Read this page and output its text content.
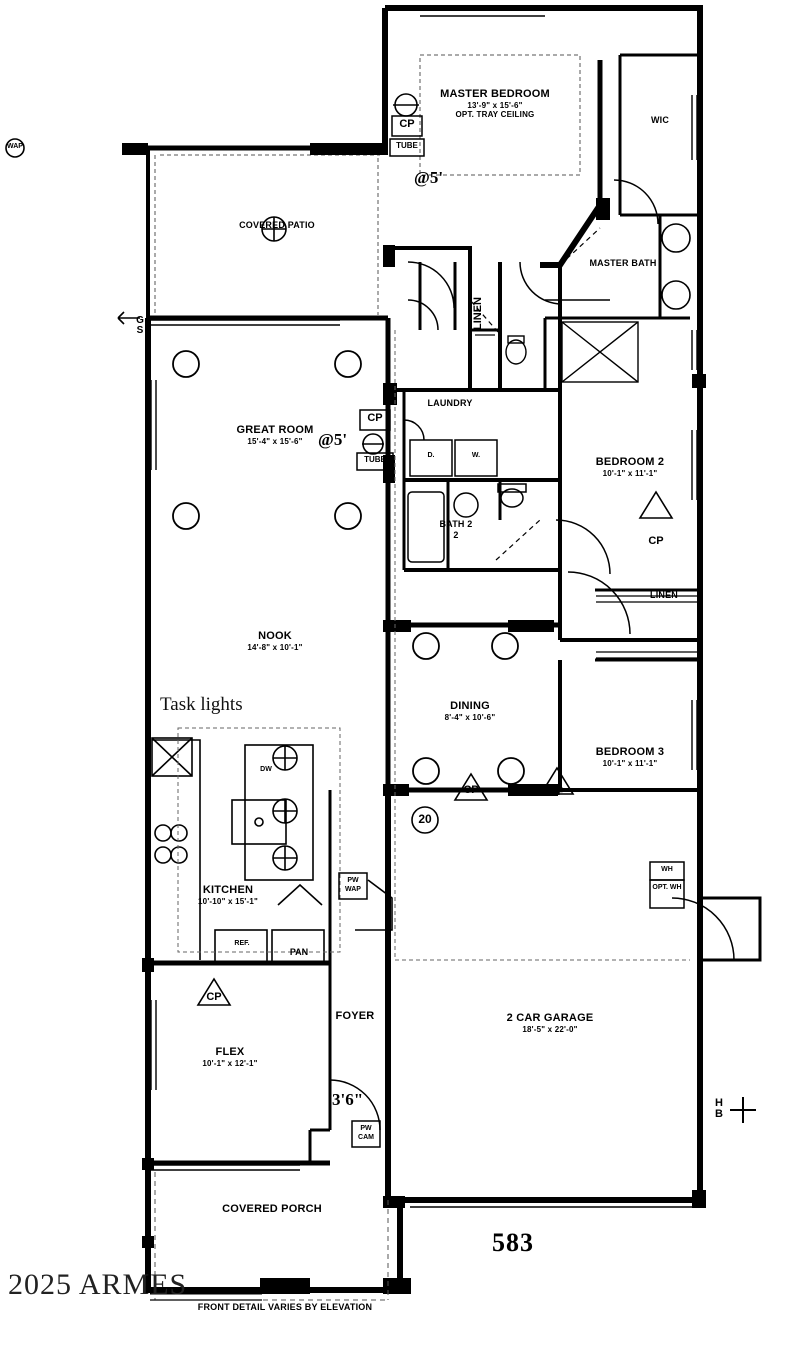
MASTER BEDROOM
13'-9" x 15'-6"
OPT. TRAY CEILING
WIC
MASTER BATH
COVERED PATIO
GREAT ROOM
15'-4" x 15'-6"
LAUNDRY
LINEN
BEDROOM 2
10'-1" x 11'-1"
BATH 2
2
LINEN
NOOK
14'-8" x 10'-1"
DINING
8'-4" x 10'-6"
BEDROOM 3
10'-1" x 11'-1"
KITCHEN
10'-10" x 15'-1"
FOYER
FLEX
10'-1" x 12'-1"
2 CAR GARAGE
18'-5" x 22'-0"
COVERED PORCH
DW
REF.
PAN
D.	W.
WH
OPT. WH
PW WAP
PW CAM
TUBE
TUBE
CP
CP
CP
CP
CP
CP
WAP
G
S
H
B
Task lights
@5'
@5'
3'6"
20
583
FRONT DETAIL VARIES BY ELEVATION
2025 ARMES
